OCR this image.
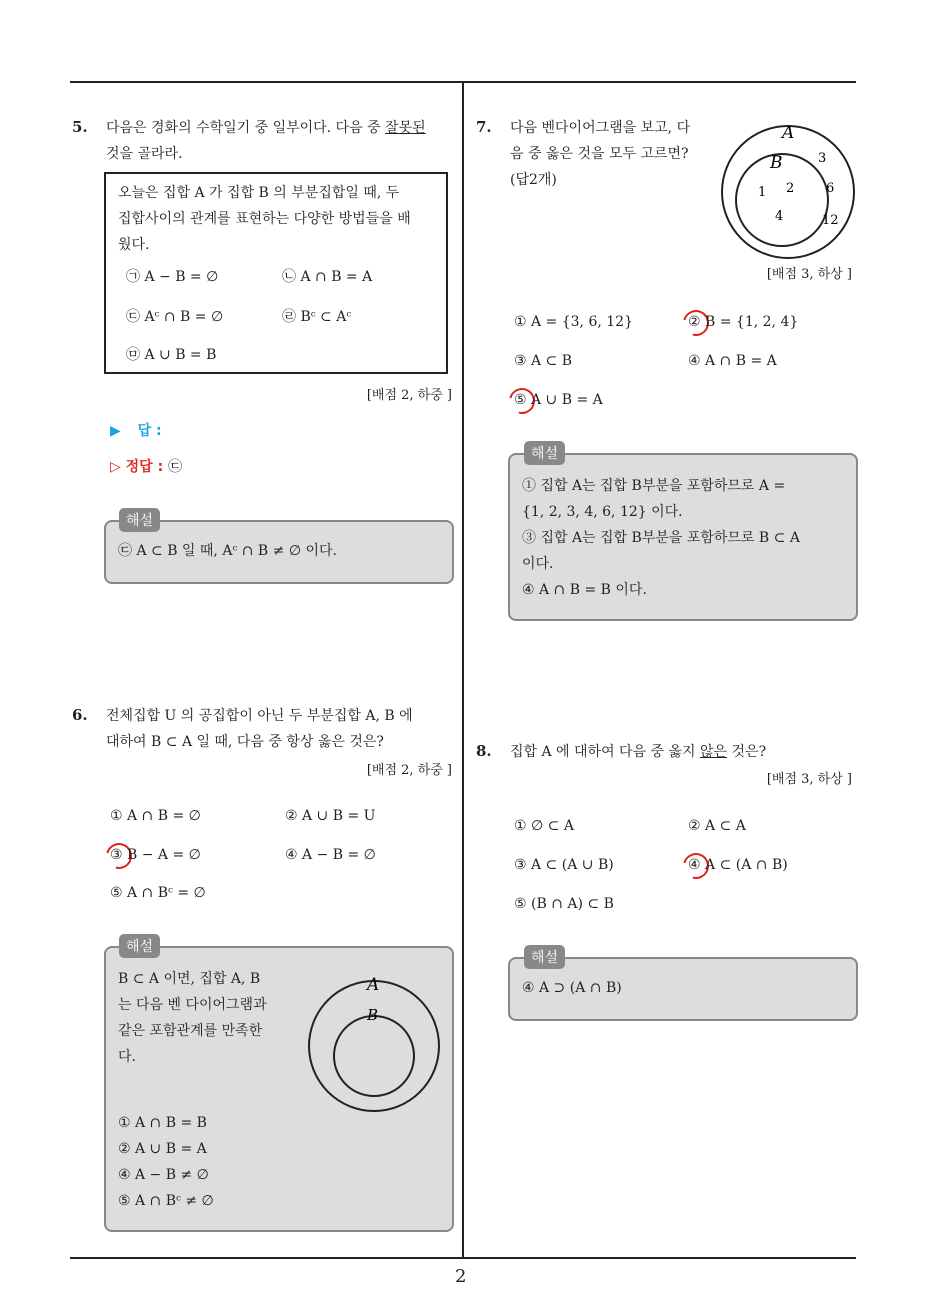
2
5. 다음은 경화의 수학일기 중 일부이다. 다음 중 잘못된
것을 골라라.
오늘은 집합 A 가 집합 B 의 부분집합일 때, 두
집합사이의 관계를 표현하는 다양한 방법들을 배
웠다.
㉠ A − B = ∅	㉡ A ∩ B = A
㉢ Aᶜ ∩ B = ∅	㉣ Bᶜ ⊂ Aᶜ
㉤ A ∪ B = B
[배점 2, 하중 ]
▶ 답 :
▷ 정답 : ㉢
㉢ A ⊂ B 일 때, Aᶜ ∩ B ≠ ∅ 이다.
해설
6. 전체집합 U 의 공집합이 아닌 두 부분집합 A, B 에
대하여 B ⊂ A 일 때, 다음 중 항상 옳은 것은?
[배점 2, 하중 ]
① A ∩ B = ∅	② A ∪ B = U
③ B − A = ∅	④ A − B = ∅
⑤ A ∩ Bᶜ = ∅
B ⊂ A 이면, 집합 A, B
는 다음 벤 다이어그램과
같은 포함관계를 만족한
다.
① A ∩ B = B
② A ∪ B = A
④ A − B ≠ ∅
⑤ A ∩ Bᶜ ≠ ∅
A
B
해설
7. 다음 벤다이어그램을 보고, 다
음 중 옳은 것을 모두 고르면?
(답2개)
A
B
1 2
4
3
6
12
[배점 3, 하상 ]
① A = {3, 6, 12}	② B = {1, 2, 4}
③ A ⊂ B	④ A ∩ B = A
⑤ A ∪ B = A
① 집합 A는 집합 B부분을 포함하므로 A =
{1, 2, 3, 4, 6, 12} 이다.
③ 집합 A는 집합 B부분을 포함하므로 B ⊂ A
이다.
④ A ∩ B = B 이다.
해설
8. 집합 A 에 대하여 다음 중 옳지 않은 것은?
[배점 3, 하상 ]
① ∅ ⊂ A	② A ⊂ A
③ A ⊂ (A ∪ B)	④ A ⊂ (A ∩ B)
⑤ (B ∩ A) ⊂ B
④ A ⊃ (A ∩ B)
해설
